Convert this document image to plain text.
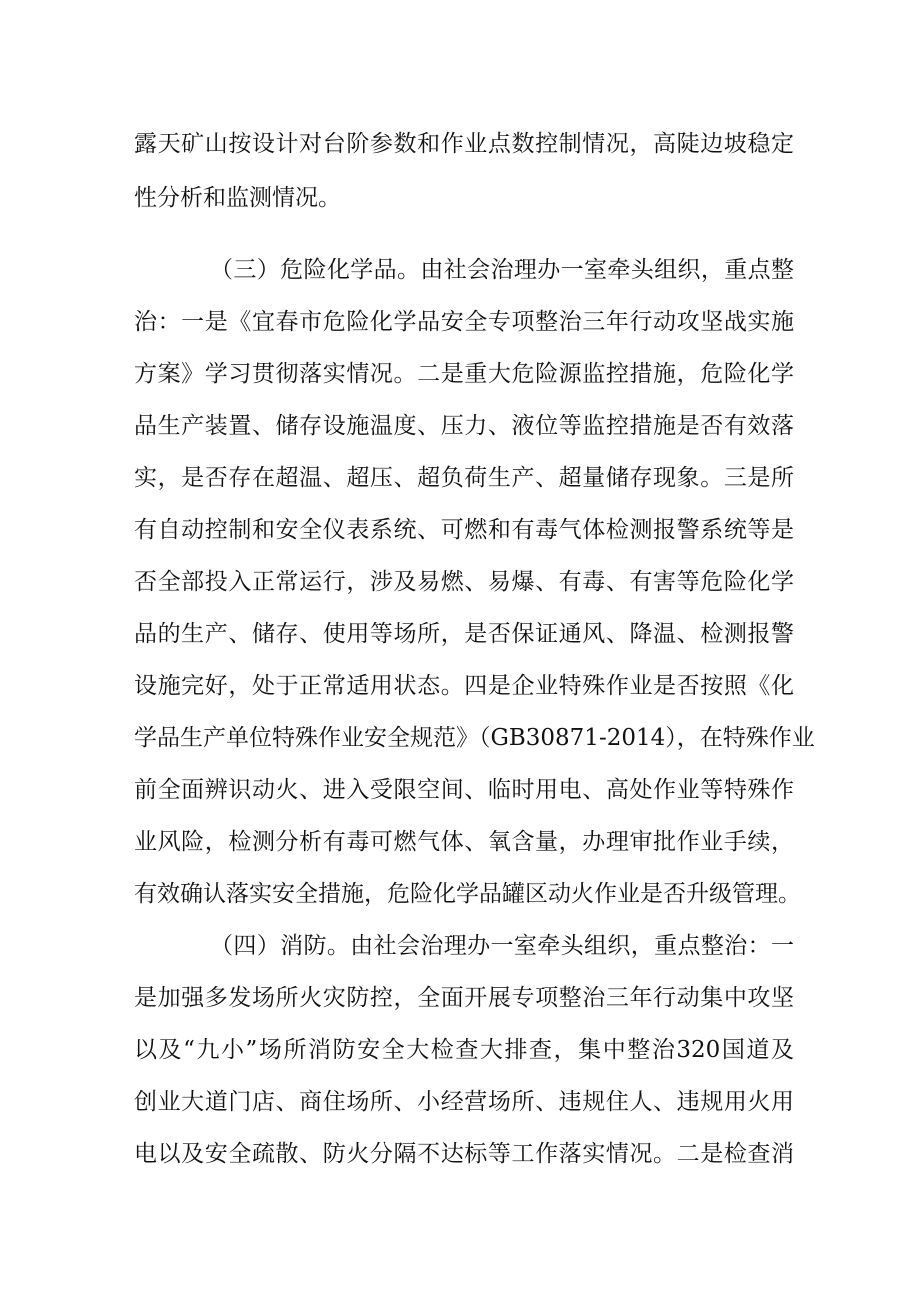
露天矿山按设计对台阶参数和作业点数控制情况，高陡边坡稳定
性分析和监测情况。
（三）危险化学品。由社会治理办一室牵头组织，重点整
治：一是《宜春市危险化学品安全专项整治三年行动攻坚战实施
方案》学习贯彻落实情况。二是重大危险源监控措施，危险化学
品生产装置、储存设施温度、压力、液位等监控措施是否有效落
实，是否存在超温、超压、超负荷生产、超量储存现象。三是所
有自动控制和安全仪表系统、可燃和有毒气体检测报警系统等是
否全部投入正常运行，涉及易燃、易爆、有毒、有害等危险化学
品的生产、储存、使用等场所，是否保证通风、降温、检测报警
设施完好，处于正常适用状态。四是企业特殊作业是否按照《化
学品生产单位特殊作业安全规范》（GB30871-2014），在特殊作业
前全面辨识动火、进入受限空间、临时用电、高处作业等特殊作
业风险，检测分析有毒可燃气体、氧含量，办理审批作业手续，
有效确认落实安全措施，危险化学品罐区动火作业是否升级管理。
（四）消防。由社会治理办一室牵头组织，重点整治：一
是加强多发场所火灾防控，全面开展专项整治三年行动集中攻坚
以及“九小”场所消防安全大检查大排查，集中整治320国道及
创业大道门店、商住场所、小经营场所、违规住人、违规用火用
电以及安全疏散、防火分隔不达标等工作落实情况。二是检查消
